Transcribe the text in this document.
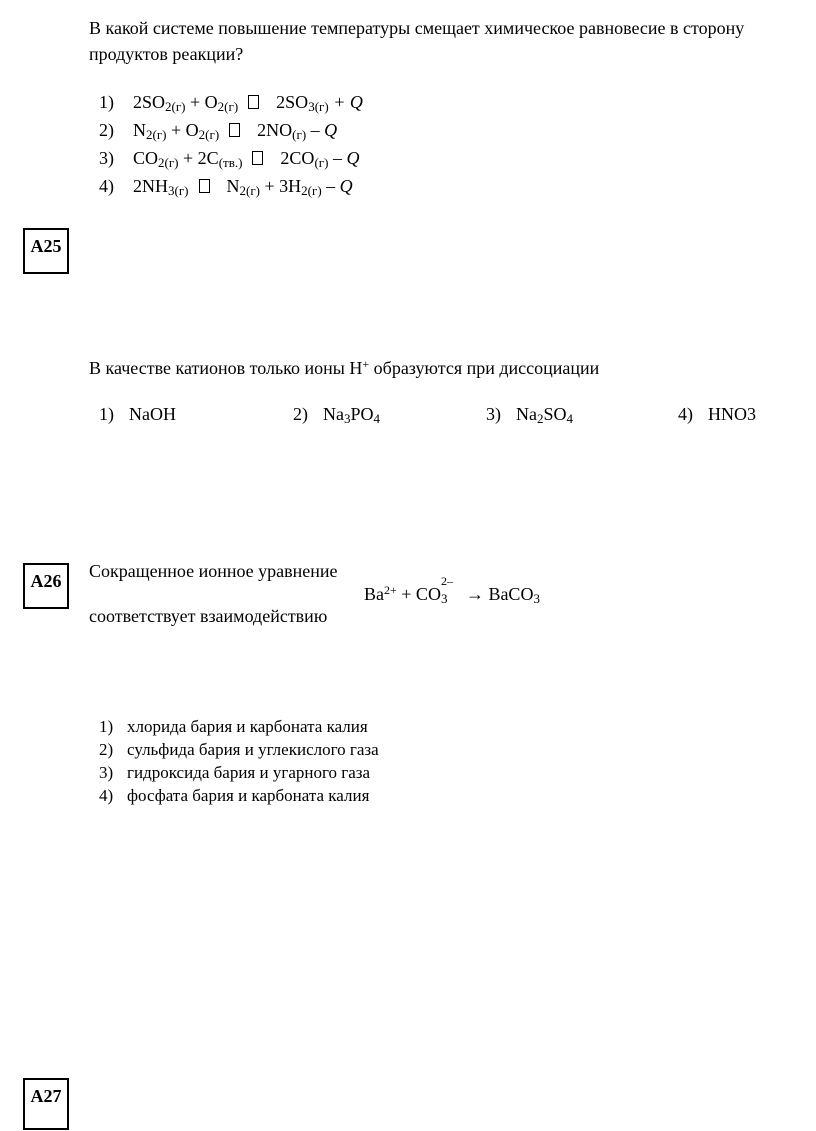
В какой системе повышение температуры смещает химическое равновесие в сторону
продуктов реакции?
1) $2SO_{2(г)} + O_{2(г)}$ $2SO_{3(г)} + Q$
2) $N_{2(г)} + O_{2(г)}$ $2NO_{(г)}$ – Q
3) $CO_{2(г)} + 2C_{(тв.)}$ $2CO_{(г)}$ – Q
4) $2NH_{3(г)}$ $N_{2(г)} + 3H_{2(г)} - Q$
A25
В качестве катионов только ионы H+ образуются при диссоциации
1) NaOH	2) $Na_3PO_4$	3) $Na_2SO_4$	4) HNO3
A26	Сокращенное ионное уравнение
$Ba^{2+}$ + CO
2–
$_3$ → BaCO$_3$
соответствует взаимодействию
1) хлорида бария и карбоната калия
2) сульфида бария и углекислого газа
3) гидроксида бария и угарного газа
4) фосфата бария и карбоната калия
A27
